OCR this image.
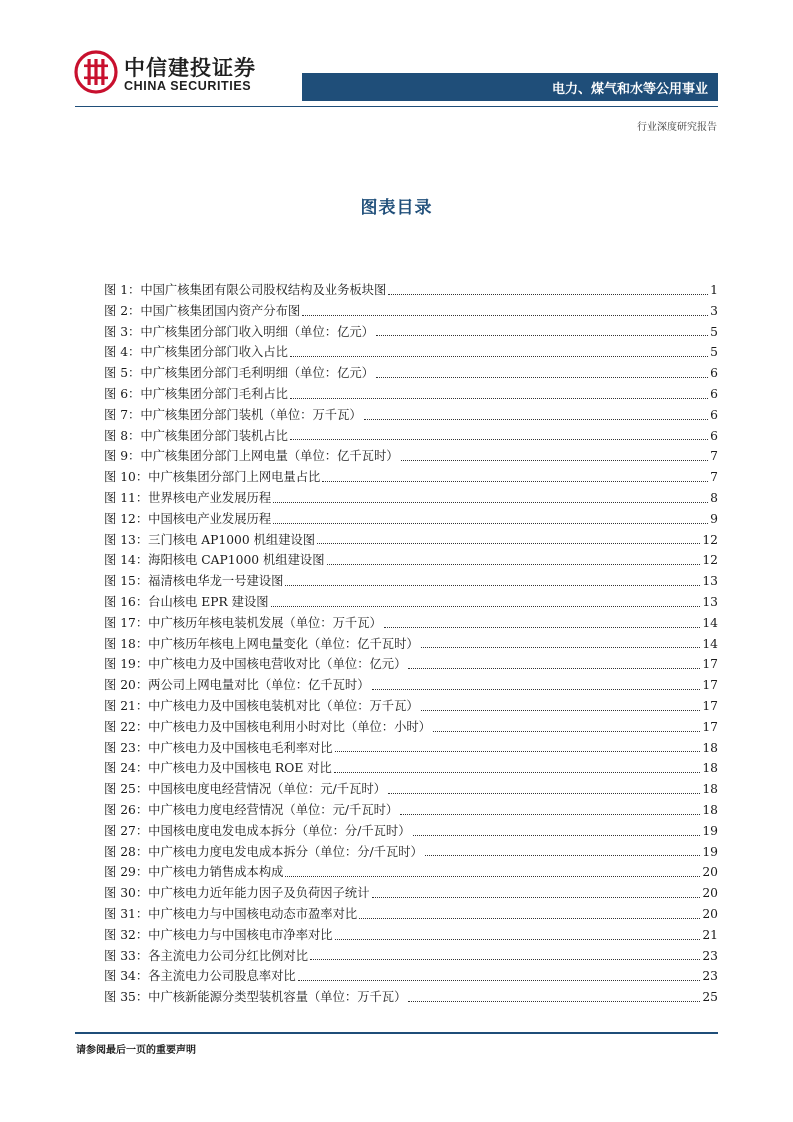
中信建投证券
CHINA SECURITIES	电力、煤气和水等公用事业
行业深度研究报告
图表目录
图 1：中国广核集团有限公司股权结构及业务板块图	1
图 2：中国广核集团国内资产分布图	3
图 3：中广核集团分部门收入明细（单位：亿元）	5
图 4：中广核集团分部门收入占比	5
图 5：中广核集团分部门毛利明细（单位：亿元）	6
图 6：中广核集团分部门毛利占比	6
图 7：中广核集团分部门装机（单位：万千瓦）	6
图 8：中广核集团分部门装机占比	6
图 9：中广核集团分部门上网电量（单位：亿千瓦时）	7
图 10：中广核集团分部门上网电量占比	7
图 11：世界核电产业发展历程	8
图 12：中国核电产业发展历程	9
图 13：三门核电 AP1000 机组建设图	12
图 14：海阳核电 CAP1000 机组建设图	12
图 15：福清核电华龙一号建设图	13
图 16：台山核电 EPR 建设图	13
图 17：中广核历年核电装机发展（单位：万千瓦）	14
图 18：中广核历年核电上网电量变化（单位：亿千瓦时）	14
图 19：中广核电力及中国核电营收对比（单位：亿元）	17
图 20：两公司上网电量对比（单位：亿千瓦时）	17
图 21：中广核电力及中国核电装机对比（单位：万千瓦）	17
图 22：中广核电力及中国核电利用小时对比（单位：小时）	17
图 23：中广核电力及中国核电毛利率对比	18
图 24：中广核电力及中国核电 ROE 对比	18
图 25：中国核电度电经营情况（单位：元/千瓦时）	18
图 26：中广核电力度电经营情况（单位：元/千瓦时）	18
图 27：中国核电度电发电成本拆分（单位：分/千瓦时）	19
图 28：中广核电力度电发电成本拆分（单位：分/千瓦时）	19
图 29：中广核电力销售成本构成	20
图 30：中广核电力近年能力因子及负荷因子统计	20
图 31：中广核电力与中国核电动态市盈率对比	20
图 32：中广核电力与中国核电市净率对比	21
图 33：各主流电力公司分红比例对比	23
图 34：各主流电力公司股息率对比	23
图 35：中广核新能源分类型装机容量（单位：万千瓦）	25
请参阅最后一页的重要声明
